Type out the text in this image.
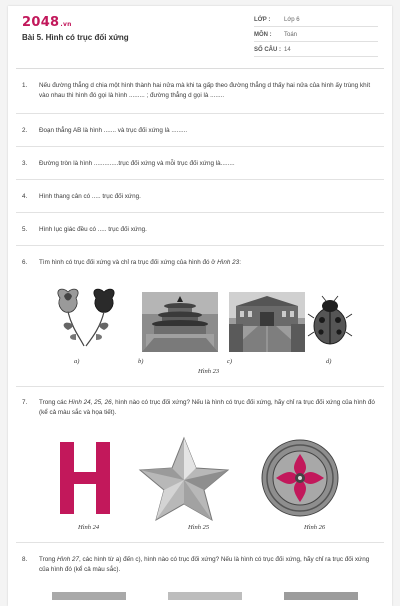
2048.vn
Bài 5. Hình có trục đối xứng
LỚP : Lớp 6
MÔN : Toán
SỐ CÂU : 14
1. Nếu đường thẳng d chia một hình thành hai nửa mà khi ta gấp theo đường thẳng d thấy hai nửa của hình ấy trùng khít vào nhau thì hình đó gọi là hình ......... ; đường thẳng d gọi là ........
2. Đoạn thẳng AB là hình ....... và trục đối xứng là .........
3. Đường tròn là hình ..............trục đối xứng và mỗi trục đối xứng là........
4. Hình thang cân có ..... trục đối xứng.
5. Hình lục giác đều có ..... trục đối xứng.
6. Tìm hình có trục đối xứng và chỉ ra trục đối xứng của hình đó ở Hình 23:
a)	b)	c)	d)
Hình 23
7. Trong các Hình 24, 25, 26, hình nào có trục đối xứng? Nếu là hình có trục đối xứng, hãy chỉ ra trục đối xứng của hình đó (kể cả màu sắc và họa tiết).
Hình 24	Hình 25	Hình 26
8. Trong Hình 27, các hình từ a) đến c), hình nào có trục đối xứng? Nếu là hình có trục đối xứng, hãy chỉ ra trục đối xứng của hình đó (kể cả màu sắc).
